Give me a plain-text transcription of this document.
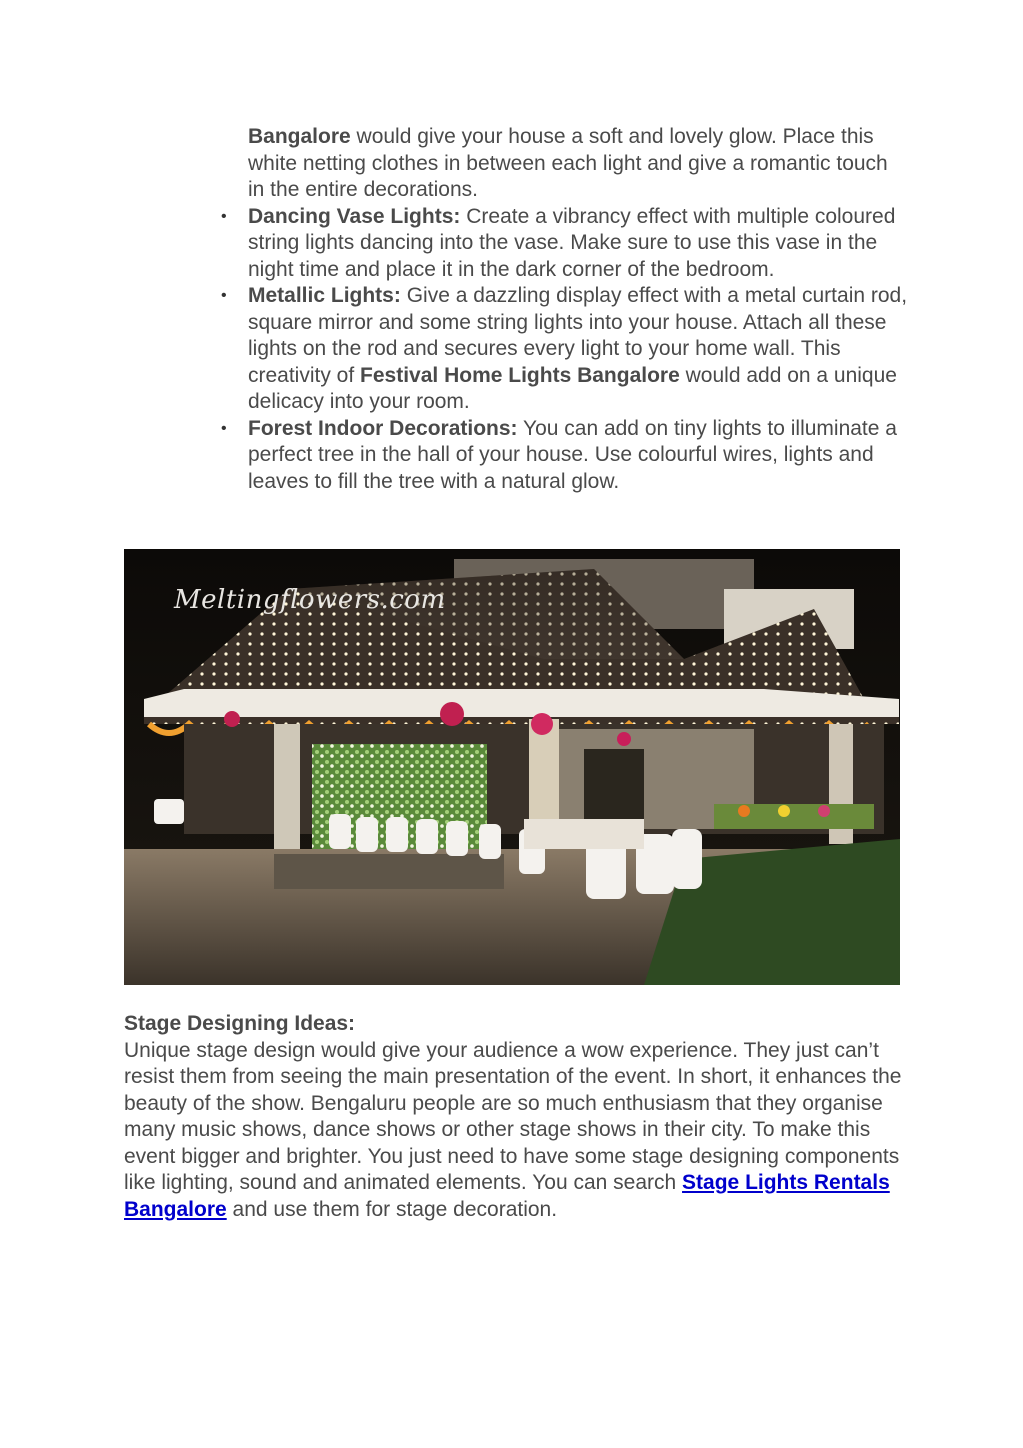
Bangalore would give your house a soft and lovely glow. Place this white netting clothes in between each light and give a romantic touch in the entire decorations.

• Dancing Vase Lights: Create a vibrancy effect with multiple coloured string lights dancing into the vase. Make sure to use this vase in the night time and place it in the dark corner of the bedroom.
• Metallic Lights: Give a dazzling display effect with a metal curtain rod, square mirror and some string lights into your house. Attach all these lights on the rod and secures every light to your home wall. This creativity of Festival Home Lights Bangalore would add on a unique delicacy into your room.
• Forest Indoor Decorations: You can add on tiny lights to illuminate a perfect tree in the hall of your house. Use colourful wires, lights and leaves to fill the tree with a natural glow.
Meltingflowers.com

Stage Designing Ideas:

Unique stage design would give your audience a wow experience. They just can’t resist them from seeing the main presentation of the event. In short, it enhances the beauty of the show. Bengaluru people are so much enthusiasm that they organise many music shows, dance shows or other stage shows in their city. To make this event bigger and brighter. You just need to have some stage designing components like lighting, sound and animated elements. You can search Stage Lights Rentals Bangalore and use them for stage decoration.
